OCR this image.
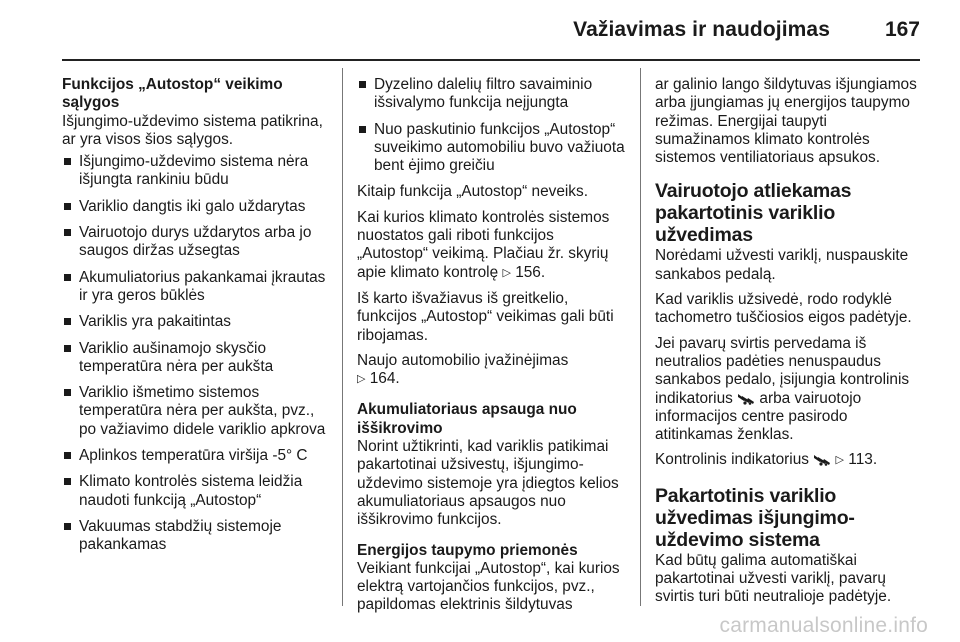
Važiavimas ir naudojimas	167

Funkcijos „Autostop“ veikimo sąlygos

Išjungimo-uždevimo sistema patikrina, ar yra visos šios sąlygos.

Išjungimo-uždevimo sistema nėra išjungta rankiniu būdu
Variklio dangtis iki galo uždarytas
Vairuotojo durys uždarytos arba jo saugos diržas užsegtas
Akumuliatorius pakankamai įkrautas ir yra geros būklės
Variklis yra pakaitintas
Variklio aušinamojo skysčio temperatūra nėra per aukšta
Variklio išmetimo sistemos temperatūra nėra per aukšta, pvz., po važiavimo didele variklio apkrova
Aplinkos temperatūra viršija -5° C
Klimato kontrolės sistema leidžia naudoti funkciją „Autostop“
Vakuumas stabdžių sistemoje pakankamas
Dyzelino dalelių filtro savaiminio išsivalymo funkcija neįjungta
Nuo paskutinio funkcijos „Autostop“ suveikimo automobiliu buvo važiuota bent ėjimo greičiu

Kitaip funkcija „Autostop“ neveiks.

Kai kurios klimato kontrolės sistemos nuostatos gali riboti funkcijos „Autostop“ veikimą. Plačiau žr. skyrių apie klimato kontrolę ▷ 156.

Iš karto išvažiavus iš greitkelio, funkcijos „Autostop“ veikimas gali būti ribojamas.

Naujo automobilio įvažinėjimas
▷ 164.

Akumuliatoriaus apsauga nuo iššikrovimo

Norint užtikrinti, kad variklis patikimai pakartotinai užsivestų, išjungimo-uždevimo sistemoje yra įdiegtos kelios akumuliatoriaus apsaugos nuo iššikrovimo funkcijos.

Energijos taupymo priemonės

Veikiant funkcijai „Autostop“, kai kurios elektrą vartojančios funkcijos, pvz., papildomas elektrinis šildytuvas

ar galinio lango šildytuvas išjungiamos arba įjungiamas jų energijos taupymo režimas. Energijai taupyti sumažinamos klimato kontrolės sistemos ventiliatoriaus apsukos.

Vairuotojo atliekamas pakartotinis variklio užvedimas

Norėdami užvesti variklį, nuspauskite sankabos pedalą.

Kad variklis užsivedė, rodo rodyklė tachometro tuščiosios eigos padėtyje.

Jei pavarų svirtis pervedama iš neutralios padėties nenuspaudus sankabos pedalo, įsijungia kontrolinis indikatorius arba vairuotojo informacijos centre pasirodo atitinkamas ženklas.

Kontrolinis indikatorius ▷ 113.

Pakartotinis variklio užvedimas išjungimo-uždevimo sistema

Kad būtų galima automatiškai pakartotinai užvesti variklį, pavarų svirtis turi būti neutralioje padėtyje.

carmanualsonline.info
